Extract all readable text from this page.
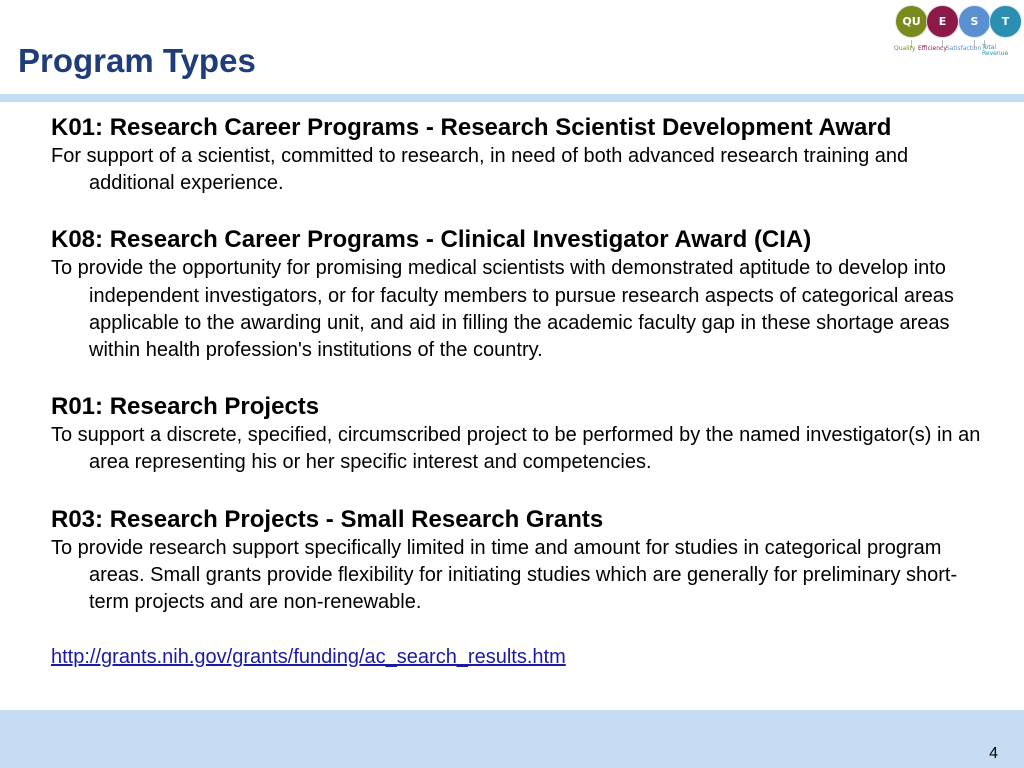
Program Types
QU E S T
Quality Efficiency Satisfaction Total Revenue

K01: Research Career Programs - Research Scientist Development Award

For support of a scientist, committed to research, in need of both advanced research training and additional experience.

K08: Research Career Programs - Clinical Investigator Award (CIA)

To provide the opportunity for promising medical scientists with demonstrated aptitude to develop into independent investigators, or for faculty members to pursue research aspects of categorical areas applicable to the awarding unit, and aid in filling the academic faculty gap in these shortage areas within health profession's institutions of the country.

R01: Research Projects

To support a discrete, specified, circumscribed project to be performed by the named investigator(s) in an area representing his or her specific interest and competencies.

R03: Research Projects - Small Research Grants

To provide research support specifically limited in time and amount for studies in categorical program areas. Small grants provide flexibility for initiating studies which are generally for preliminary short-term projects and are non-renewable.

http://grants.nih.gov/grants/funding/ac_search_results.htm
4
